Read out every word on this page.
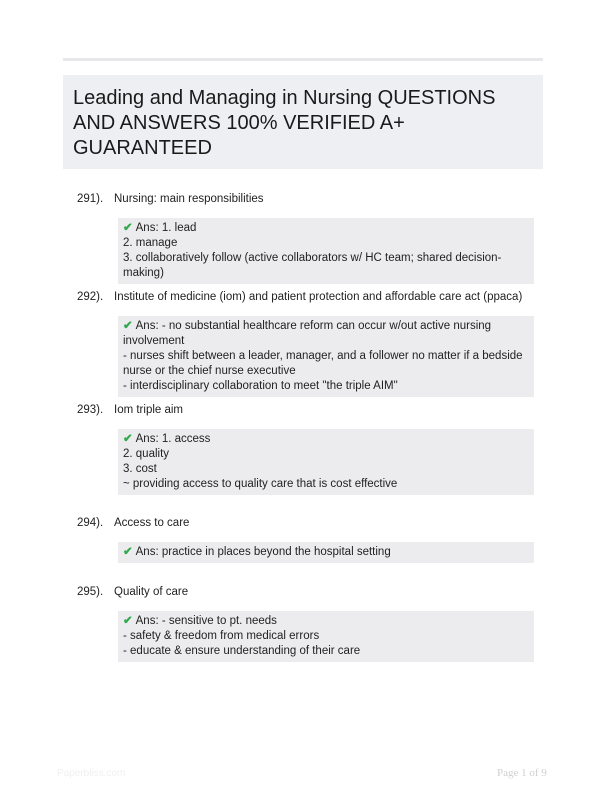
Leading and Managing in Nursing QUESTIONS AND ANSWERS 100% VERIFIED A+ GUARANTEED
291). Nursing: main responsibilities
✔ Ans: 1. lead
2. manage
3. collaboratively follow (active collaborators w/ HC team; shared decision-making)
292). Institute of medicine (iom) and patient protection and affordable care act (ppaca)
✔ Ans: - no substantial healthcare reform can occur w/out active nursing involvement
- nurses shift between a leader, manager, and a follower no matter if a bedside nurse or the chief nurse executive
- interdisciplinary collaboration to meet "the triple AIM"
293). Iom triple aim
✔ Ans: 1. access
2. quality
3. cost
~ providing access to quality care that is cost effective
294). Access to care
✔ Ans: practice in places beyond the hospital setting
295). Quality of care
✔ Ans: - sensitive to pt. needs
- safety & freedom from medical errors
- educate & ensure understanding of their care
Paperbliss.com	Page 1 of 9
